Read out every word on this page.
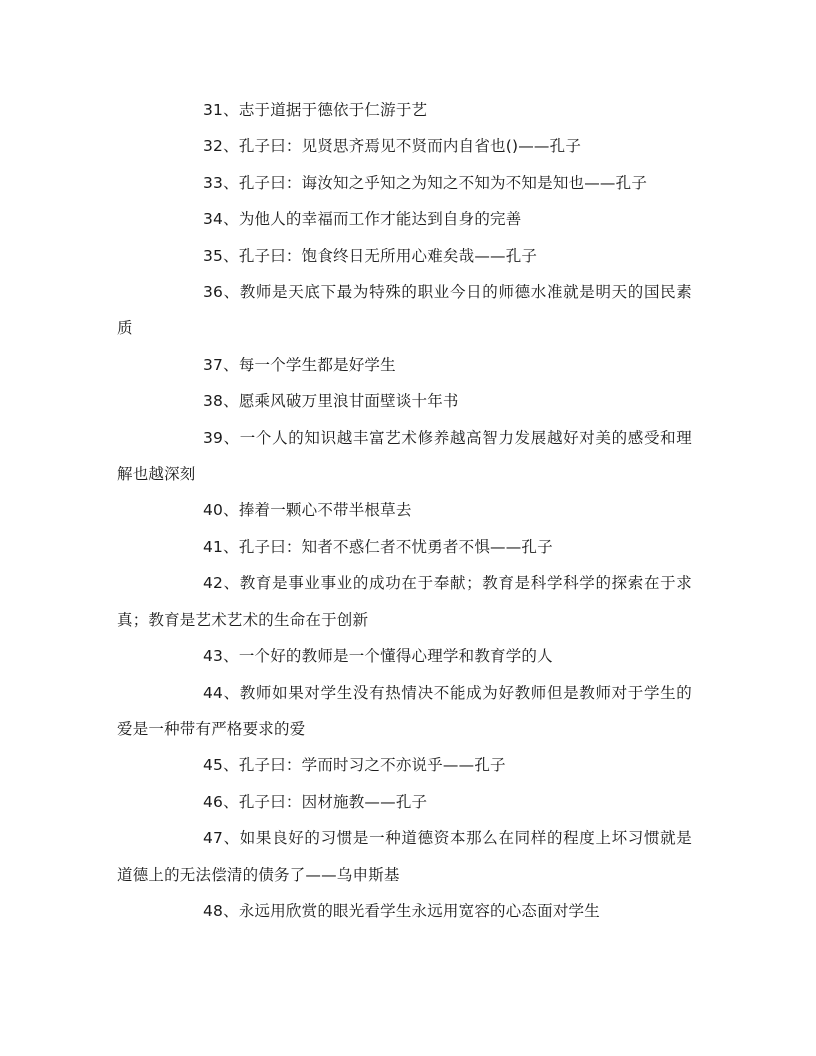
31、志于道据于德依于仁游于艺

32、孔子曰：见贤思齐焉见不贤而内自省也()——孔子

33、孔子曰：诲汝知之乎知之为知之不知为不知是知也——孔子

34、为他人的幸福而工作才能达到自身的完善

35、孔子曰：饱食终日无所用心难矣哉——孔子

36、教师是天底下最为特殊的职业今日的师德水准就是明天的国民素质

37、每一个学生都是好学生

38、愿乘风破万里浪甘面壁谈十年书

39、一个人的知识越丰富艺术修养越高智力发展越好对美的感受和理解也越深刻

40、捧着一颗心不带半根草去

41、孔子曰：知者不惑仁者不忧勇者不惧——孔子

42、教育是事业事业的成功在于奉献；教育是科学科学的探索在于求真；教育是艺术艺术的生命在于创新

43、一个好的教师是一个懂得心理学和教育学的人

44、教师如果对学生没有热情决不能成为好教师但是教师对于学生的爱是一种带有严格要求的爱

45、孔子曰：学而时习之不亦说乎——孔子

46、孔子曰：因材施教——孔子

47、如果良好的习惯是一种道德资本那么在同样的程度上坏习惯就是道德上的无法偿清的债务了——乌申斯基

48、永远用欣赏的眼光看学生永远用宽容的心态面对学生
